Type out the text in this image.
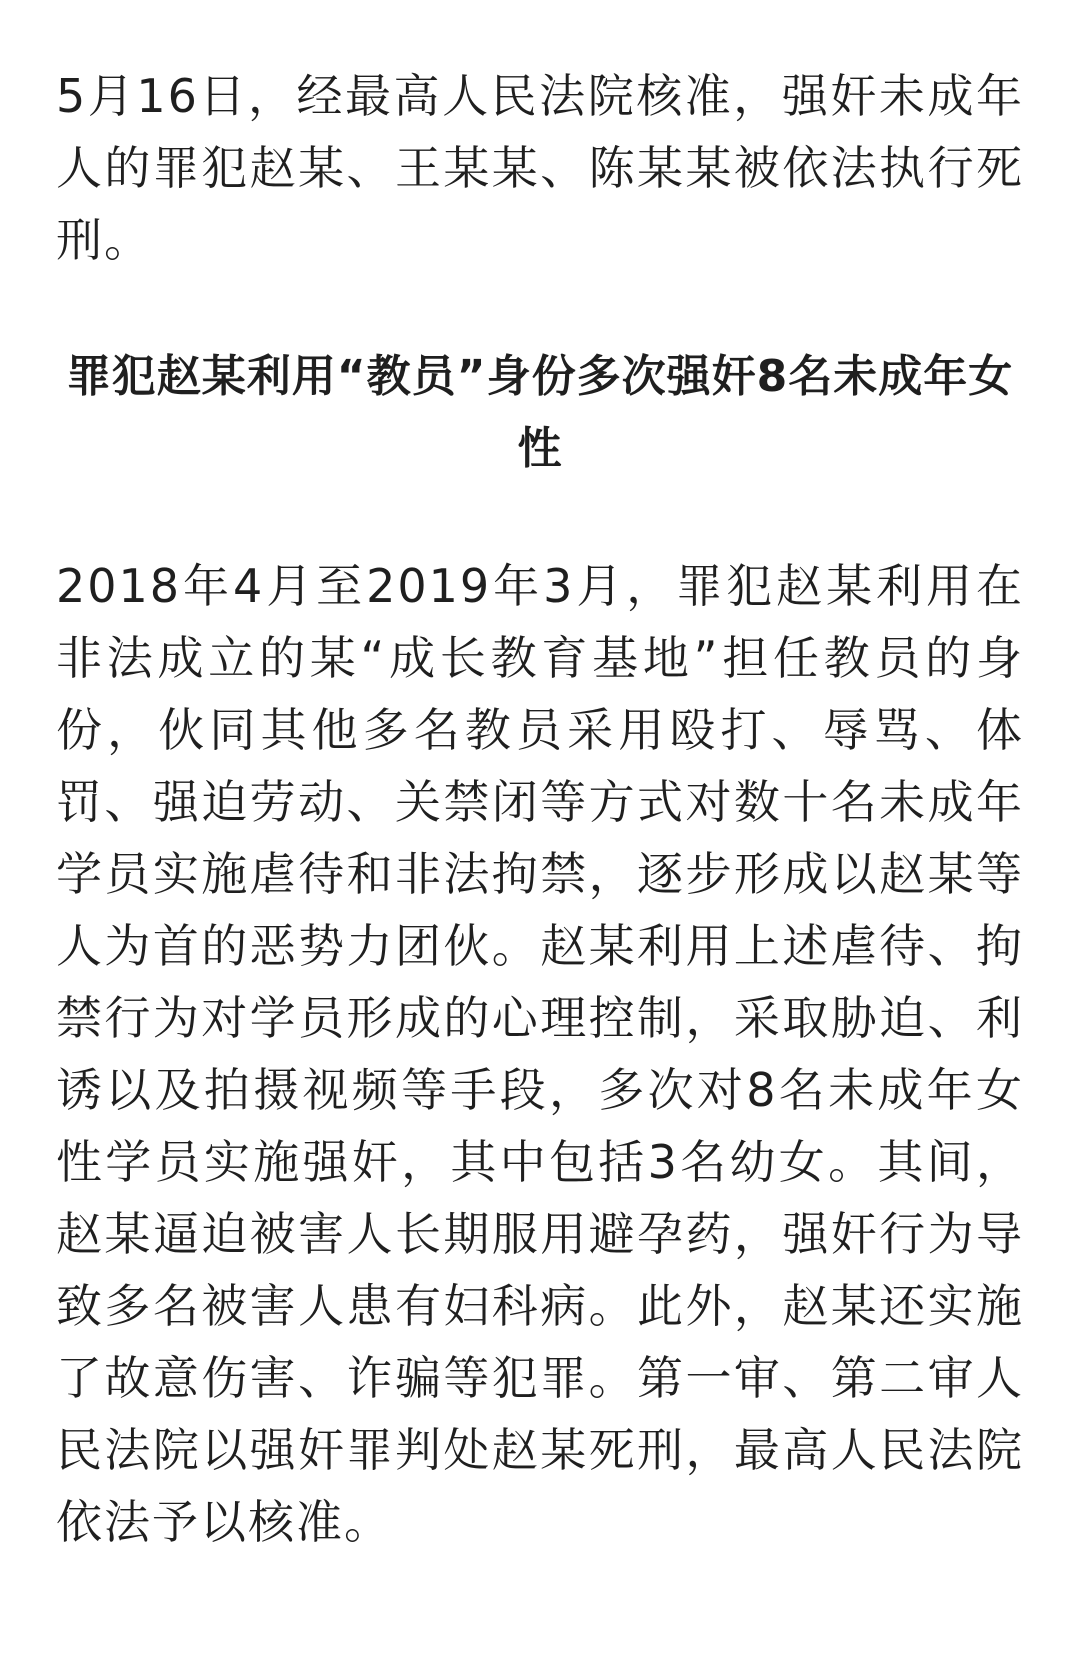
5月16日，经最高人民法院核准，强奸未成年人的罪犯赵某、王某某、陈某某被依法执行死刑。

罪犯赵某利用“教员”身份多次强奸8名未成年女性

2018年4月至2019年3月，罪犯赵某利用在非法成立的某“成长教育基地”担任教员的身份，伙同其他多名教员采用殴打、辱骂、体罚、强迫劳动、关禁闭等方式对数十名未成年学员实施虐待和非法拘禁，逐步形成以赵某等人为首的恶势力团伙。赵某利用上述虐待、拘禁行为对学员形成的心理控制，采取胁迫、利诱以及拍摄视频等手段，多次对8名未成年女性学员实施强奸，其中包括3名幼女。其间，赵某逼迫被害人长期服用避孕药，强奸行为导致多名被害人患有妇科病。此外，赵某还实施了故意伤害、诈骗等犯罪。第一审、第二审人民法院以强奸罪判处赵某死刑，最高人民法院依法予以核准。
